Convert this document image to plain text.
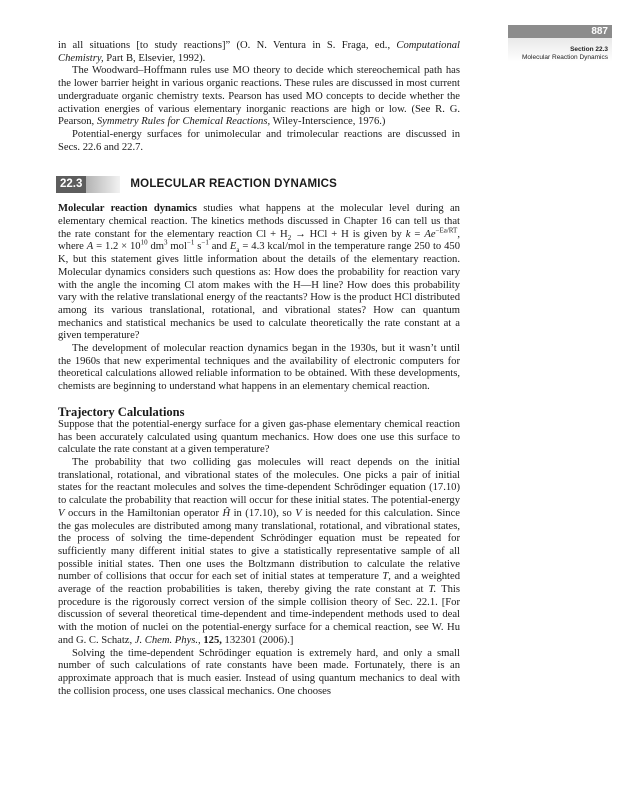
887
Section 22.3
Molecular Reaction Dynamics

in all situations [to study reactions]” (O. N. Ventura in S. Fraga, ed., Computational Chemistry, Part B, Elsevier, 1992).

The Woodward–Hoffmann rules use MO theory to decide which stereochemical path has the lower barrier height in various organic reactions. These rules are discussed in most current undergraduate organic chemistry texts. Pearson has used MO concepts to decide whether the activation energies of various elementary inorganic reactions are high or low. (See R. G. Pearson, Symmetry Rules for Chemical Reactions, Wiley-Interscience, 1976.)

Potential-energy surfaces for unimolecular and trimolecular reactions are discussed in Secs. 22.6 and 22.7.

22.3	MOLECULAR REACTION DYNAMICS

Molecular reaction dynamics studies what happens at the molecular level during an elementary chemical reaction. The kinetics methods discussed in Chapter 16 can tell us that the rate constant for the elementary reaction $Cl + H_2$ → HCl + H is given by $k = Ae^{-Ea/RT}$, where $A = 1.2 \times 10^{10}$ $dm^3$ mol$^{-1}$ $s^{-1}$ and $E_a = 4.3$ kcal/mol in the temperature range 250 to 450 K, but this statement gives little information about the details of the elementary reaction. Molecular dynamics considers such questions as: How does the probability for reaction vary with the angle the incoming Cl atom makes with the H—H line? How does this probability vary with the relative translational energy of the reactants? How is the product HCl distributed among its various translational, rotational, and vibrational states? How can quantum mechanics and statistical mechanics be used to calculate theoretically the rate constant at a given temperature?

The development of molecular reaction dynamics began in the 1930s, but it wasn’t until the 1960s that new experimental techniques and the availability of electronic computers for theoretical calculations allowed reliable information to be obtained. With these developments, chemists are beginning to understand what happens in an elementary chemical reaction.

Trajectory Calculations

Suppose that the potential-energy surface for a given gas-phase elementary chemical reaction has been accurately calculated using quantum mechanics. How does one use this surface to calculate the rate constant at a given temperature?

The probability that two colliding gas molecules will react depends on the initial translational, rotational, and vibrational states of the molecules. One picks a pair of initial states for the reactant molecules and solves the time-dependent Schrödinger equation (17.10) to calculate the probability that reaction will occur for these initial states. The potential-energy V occurs in the Hamiltonian operator Ĥ in (17.10), so V is needed for this calculation. Since the gas molecules are distributed among many translational, rotational, and vibrational states, the process of solving the time-dependent Schrödinger equation must be repeated for sufficiently many different initial states to give a statistically representative sample of all possible initial states. Then one uses the Boltzmann distribution to calculate the relative number of collisions that occur for each set of initial states at temperature T, and a weighted average of the reaction probabilities is taken, thereby giving the rate constant at T. This procedure is the rigorously correct version of the simple collision theory of Sec. 22.1. [For discussion of several theoretical time-dependent and time-independent methods used to deal with the motion of nuclei on the potential-energy surface for a chemical reaction, see W. Hu and G. C. Schatz, J. Chem. Phys., 125, 132301 (2006).]

Solving the time-dependent Schrödinger equation is extremely hard, and only a small number of such calculations of rate constants have been made. Fortunately, there is an approximate approach that is much easier. Instead of using quantum mechanics to deal with the collision process, one uses classical mechanics. One chooses
